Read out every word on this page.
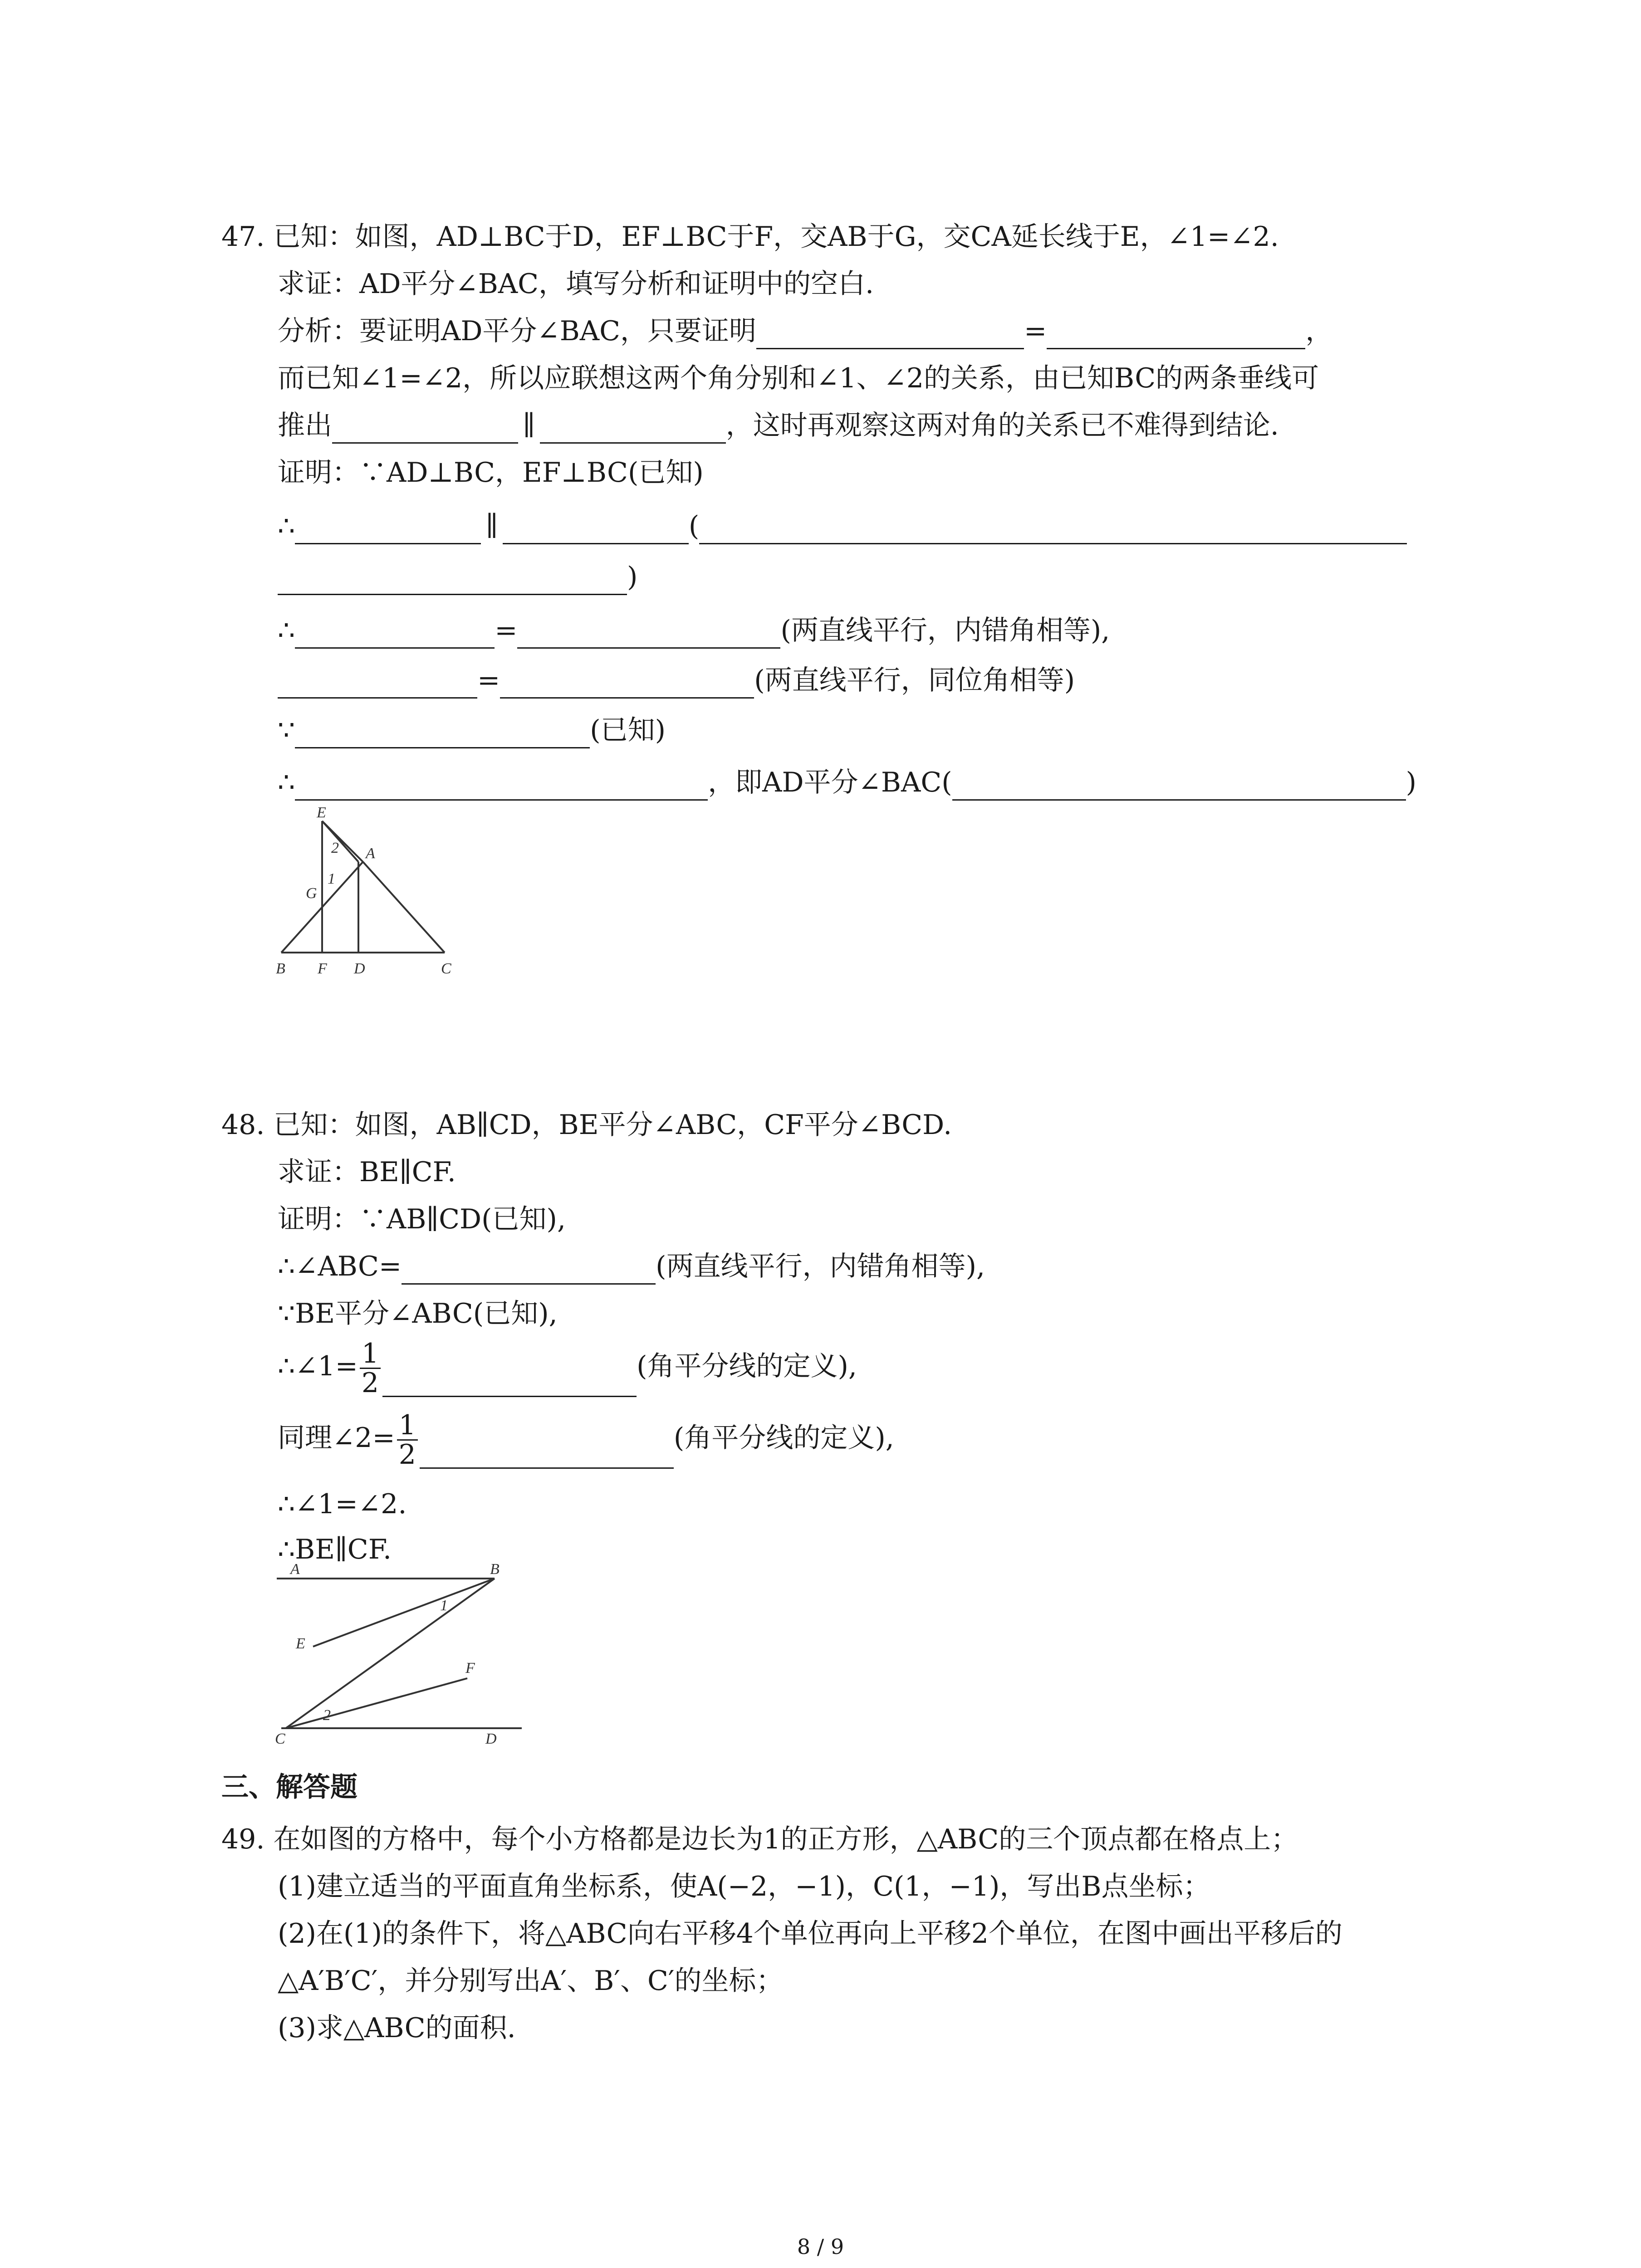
47. 已知：如图，AD⊥BC于D，EF⊥BC于F，交AB于G，交CA延长线于E，∠1=∠2.
求证：AD平分∠BAC，填写分析和证明中的空白.
分析：要证明AD平分∠BAC，只要证明	=	，
而已知∠1=∠2，所以应联想这两个角分别和∠1、∠2的关系，由已知BC的两条垂线可
推出	∥	，这时再观察这两对角的关系已不难得到结论.
证明：∵AD⊥BC，EF⊥BC(已知)
∴	∥	(
)
∴	=	(两直线平行，内错角相等),
=	(两直线平行，同位角相等)
∵	(已知)
∴	，即AD平分∠BAC(	)
E
2 A
1
G
B F D	C
48. 已知：如图，AB∥CD，BE平分∠ABC，CF平分∠BCD.
求证：BE∥CF.
证明：∵AB∥CD(已知),
∴∠ABC=	(两直线平行，内错角相等),
∵BE平分∠ABC(已知),
∴∠1= $\frac{1}{2}$	(角平分线的定义),
同理∠2= $\frac{1}{2}$	(角平分线的定义),
∴∠1=∠2.
∴BE∥CF.
A	B
1
E
F
2
C	D
三、解答题
49. 在如图的方格中，每个小方格都是边长为1的正方形，△ABC的三个顶点都在格点上；
(1)建立适当的平面直角坐标系，使A(−2，−1)，C(1，−1)，写出B点坐标；
(2)在(1)的条件下，将△ABC向右平移4个单位再向上平移2个单位，在图中画出平移后的
△A′B′C′，并分别写出A′、B′、C′的坐标；
(3)求△ABC的面积.
8 / 9
